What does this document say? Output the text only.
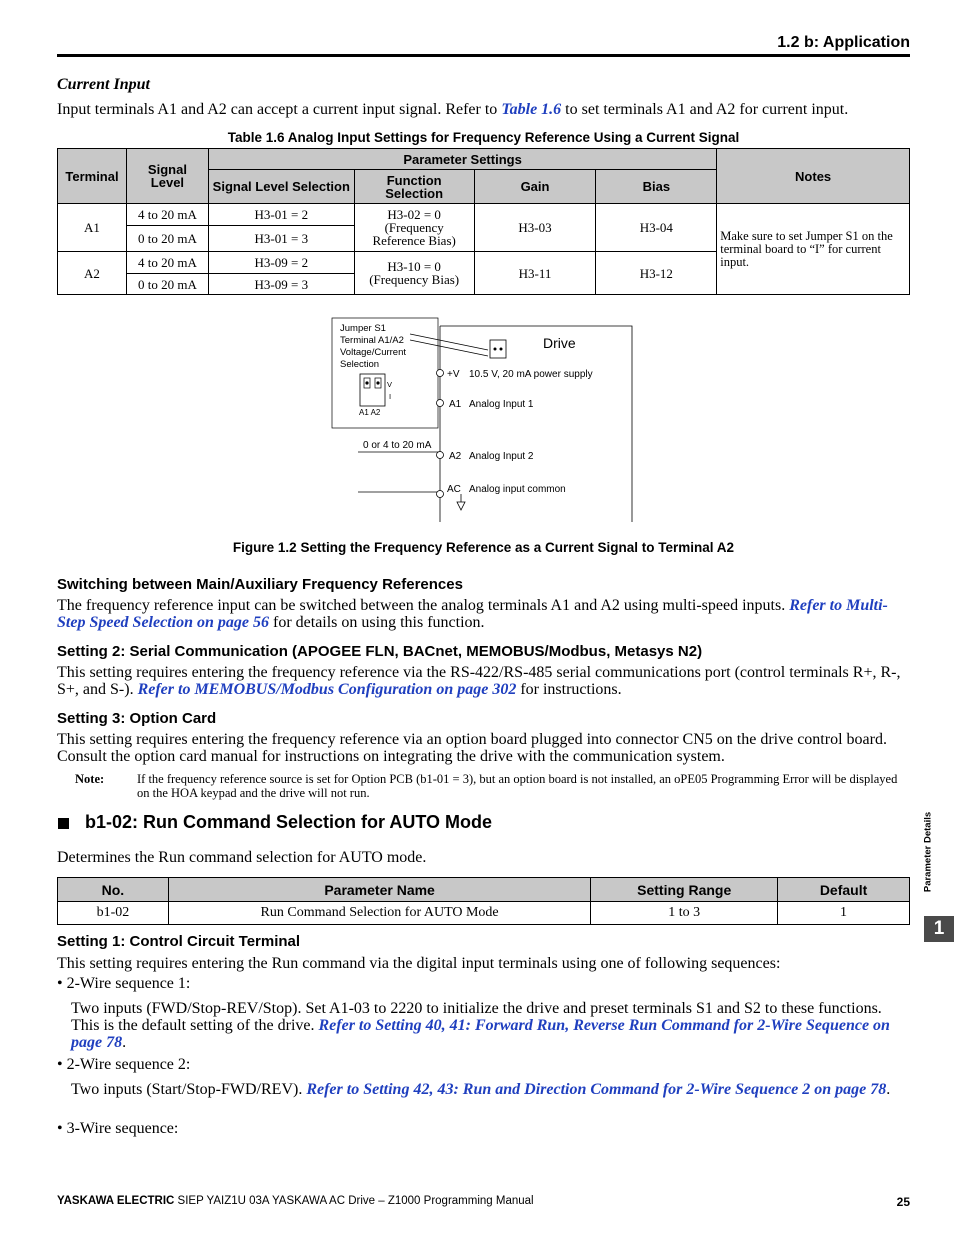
1.2 b: Application
Current Input
Input terminals A1 and A2 can accept a current input signal. Refer to Table 1.6 to set terminals A1 and A2 for current input.
Table 1.6 Analog Input Settings for Frequency Reference Using a Current Signal
Terminal	Signal Level	Parameter Settings				Notes
		Signal Level Selection	Function Selection	Gain	Bias	
A1	4 to 20 mA	H3-01 = 2	H3-02 = 0 (Frequency Reference Bias)	H3-03	H3-04	Make sure to set Jumper S1 on the terminal board to “I” for current input.
	0 to 20 mA	H3-01 = 3				
A2	4 to 20 mA	H3-09 = 2	H3-10 = 0 (Frequency Bias)	H3-11	H3-12	
	0 to 20 mA	H3-09 = 3				
Jumper S1
Terminal A1/A2
Voltage/Current
Selection
V
I
A1 A2
Drive
+V 10.5 V, 20 mA power supply
A1 Analog Input 1
0 or 4 to 20 mA
A2 Analog Input 2
AC Analog input common
Figure 1.2 Setting the Frequency Reference as a Current Signal to Terminal A2
Switching between Main/Auxiliary Frequency References
The frequency reference input can be switched between the analog terminals A1 and A2 using multi-speed inputs. Refer to Multi-Step Speed Selection on page 56 for details on using this function.
Setting 2: Serial Communication (APOGEE FLN, BACnet, MEMOBUS/Modbus, Metasys N2)
This setting requires entering the frequency reference via the RS-422/RS-485 serial communications port (control terminals R+, R-, S+, and S-). Refer to MEMOBUS/Modbus Configuration on page 302 for instructions.
Setting 3: Option Card
This setting requires entering the frequency reference via an option board plugged into connector CN5 on the drive control board. Consult the option card manual for instructions on integrating the drive with the communication system.
Note:	If the frequency reference source is set for Option PCB (b1-01 = 3), but an option board is not installed, an oPE05 Programming Error will be displayed on the HOA keypad and the drive will not run.
b1-02: Run Command Selection for AUTO Mode
Determines the Run command selection for AUTO mode.
No.	Parameter Name	Setting Range	Default
b1-02	Run Command Selection for AUTO Mode	1 to 3	1
Setting 1: Control Circuit Terminal
This setting requires entering the Run command via the digital input terminals using one of following sequences:
• 2-Wire sequence 1:
Two inputs (FWD/Stop-REV/Stop). Set A1-03 to 2220 to initialize the drive and preset terminals S1 and S2 to these functions. This is the default setting of the drive. Refer to Setting 40, 41: Forward Run, Reverse Run Command for 2-Wire Sequence on page 78.
• 2-Wire sequence 2:
Two inputs (Start/Stop-FWD/REV). Refer to Setting 42, 43: Run and Direction Command for 2-Wire Sequence 2 on page 78.
• 3-Wire sequence:
Parameter Details
1
YASKAWA ELECTRIC SIEP YAIZ1U 03A YASKAWA AC Drive – Z1000 Programming Manual	25
